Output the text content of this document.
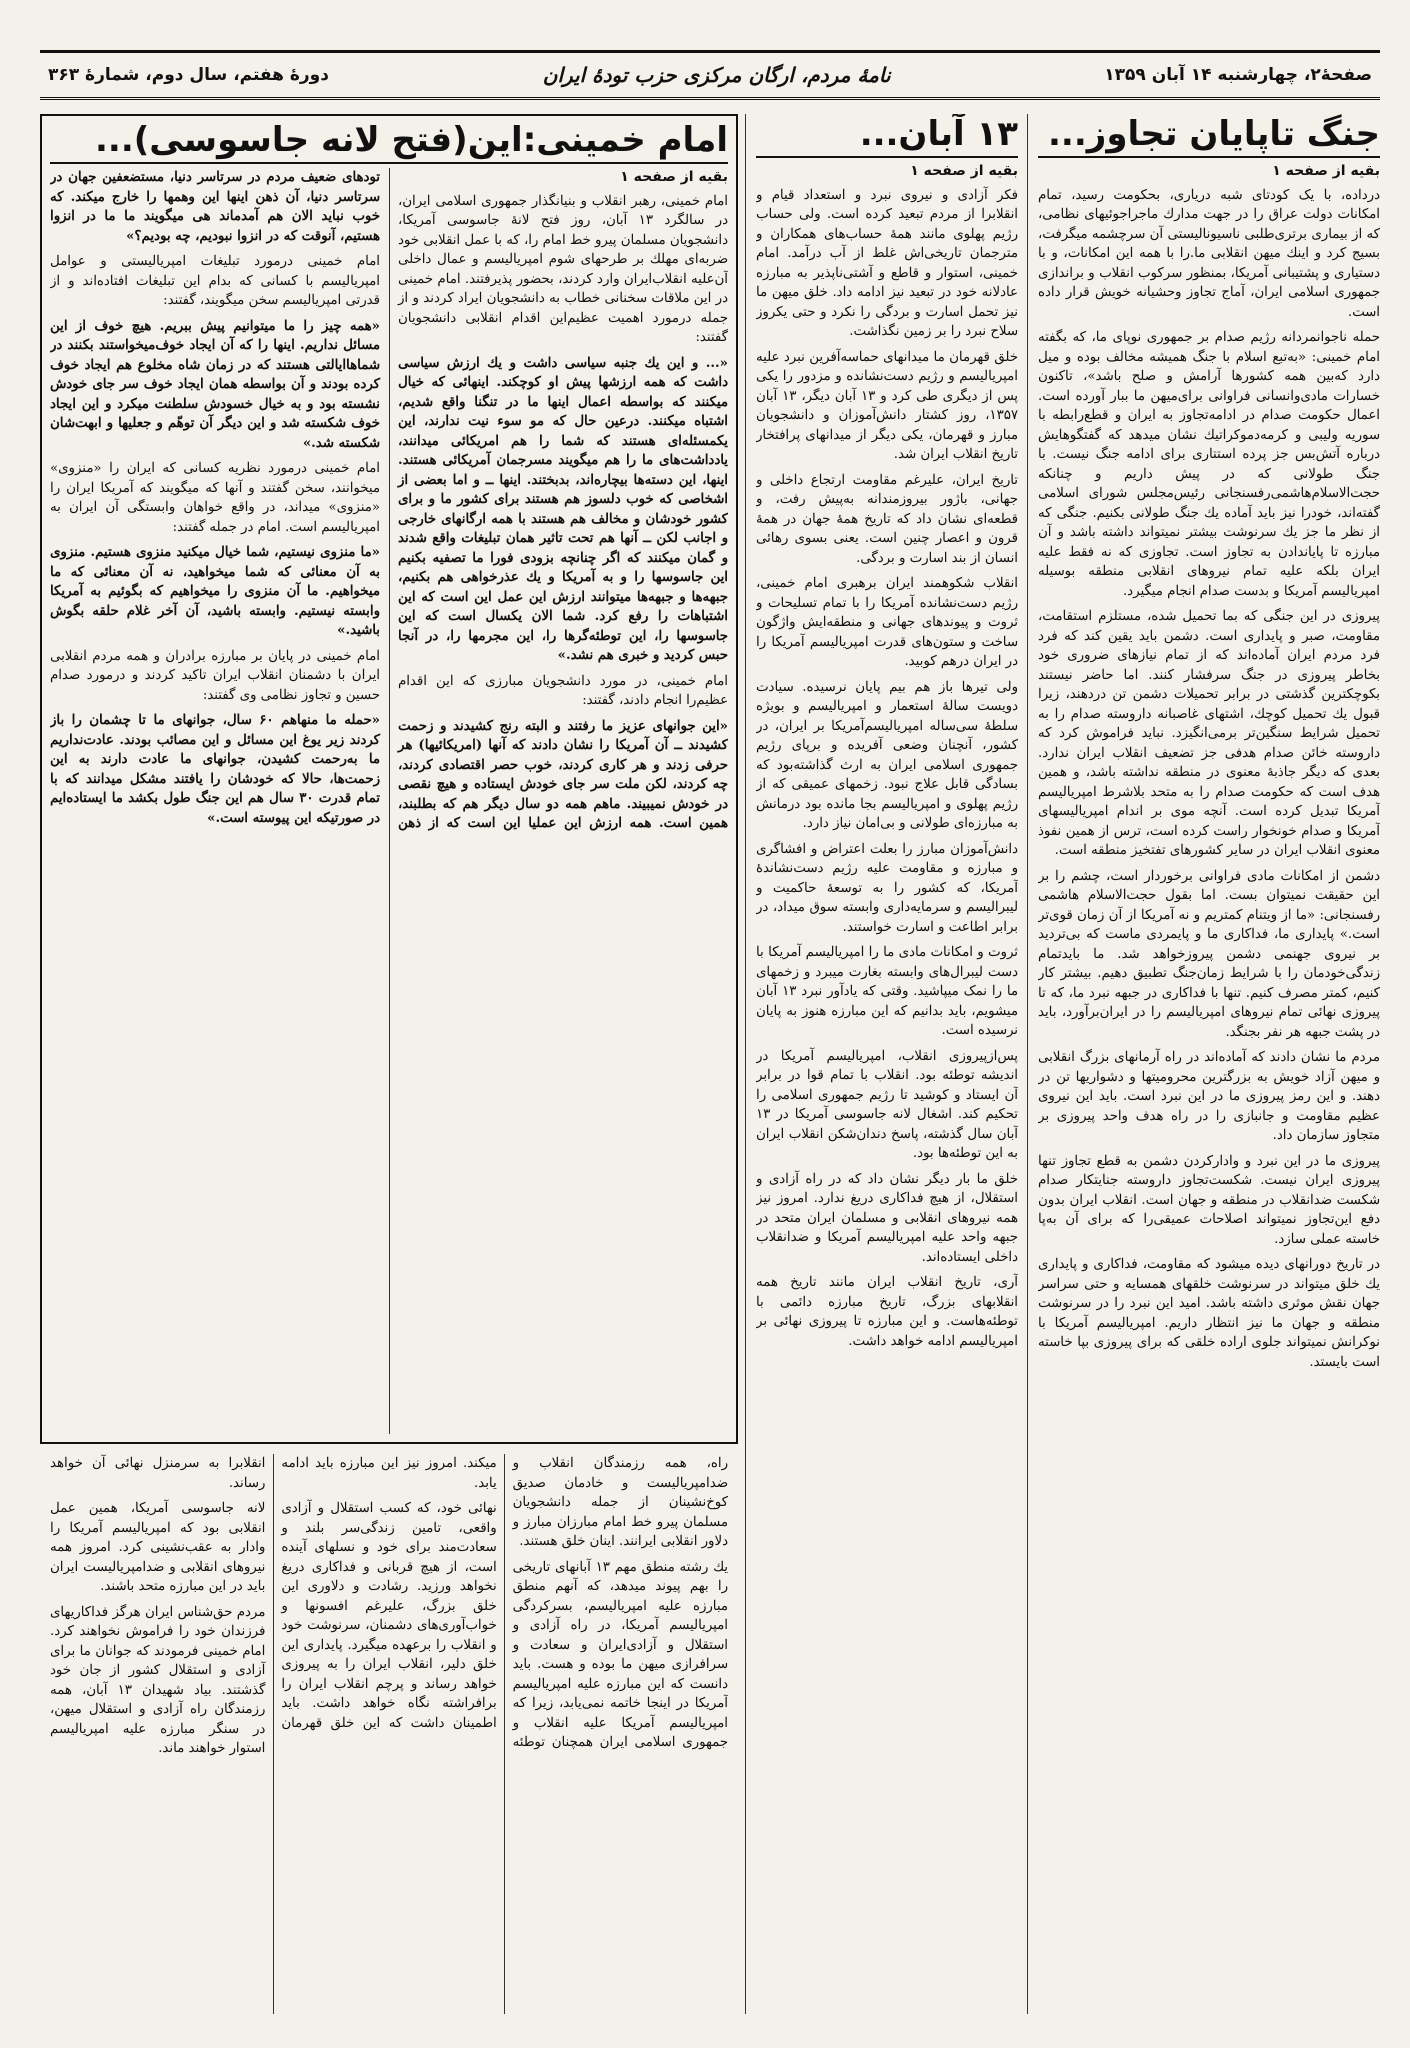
صفحهٔ۲، چهارشنبه ۱۴ آبان ۱۳۵۹
نامهٔ مردم، ارگان مرکزی حزب تودهٔ ایران
دورهٔ هفتم، سال دوم، شمارهٔ ۳۶۳
جنگ تاپایان تجاوز...
بقیه از صفحه ۱

درداده، با یک کودتای شبه دریاری، بحکومت رسید، تمام امکانات دولت عراق را در جهت مدارك ماجراجوئیهای نظامی، که از بیماری برتری‌طلبی ناسیونالیستی آن سرچشمه میگرفت، بسیج کرد و اینك میهن انقلابی ما.را با همه این امکانات، و با دستیاری و پشتیبانی آمریکا، بمنظور سرکوب انقلاب و براندازی جمهوری اسلامی ایران، آماج تجاوز وحشیانه خویش قرار داده است.

حمله ناجوانمردانه رژیم صدام بر جمهوری نوپای ما، که بگفته امام خمینی: «به‌تبع اسلام با جنگ همیشه مخالف بوده و میل دارد که‌بین همه کشورها آرامش و صلح باشد»، تاکنون خسارات مادی‌وانسانی فراوانی برای‌میهن ما ببار آورده است. اعمال حکومت صدام در ادامه‌تجاوز به ایران و قطع‌رابطه با سوریه ولیبی و کرمه‌دموکراتیك نشان میدهد که گفتگوهایش درباره آتش‌بس جز پرده استتاری برای ادامه جنگ نیست. با جنگ طولانی که در پیش داریم و چنانکه حجت‌الاسلام‌هاشمی‌رفسنجانی رئیس‌مجلس شورای اسلامی گفته‌اند، خودرا نیز باید آماده یك جنگ طولانی بکنیم. جنگی که از نظر ما جز یك سرنوشت بیشتر نمیتواند داشته باشد و آن مبارزه تا پایاندادن به تجاوز است. تجاوزی که نه فقط علیه ایران بلکه علیه تمام نیروهای انقلابی منطقه بوسیله امپریالیسم آمریکا و بدست صدام انجام میگیرد.

پیروزی در این جنگی که بما تحمیل شده، مستلزم استقامت، مقاومت، صبر و پایداری است. دشمن باید یقین کند که فرد فرد مردم ایران آماده‌اند که از تمام نیازهای ضروری خود بخاطر پیروزی در جنگ سرفشار کنند. اما حاضر نیستند بکوچکترین گذشتی در برابر تحمیلات دشمن تن دردهند، زیرا قبول یك تحمیل کوچك، اشتهای غاصبانه داروسته صدام را به تحمیل شرایط سنگین‌تر برمی‌انگیزد. نباید فراموش کرد که داروسته خائن صدام هدفی جز تضعیف انقلاب ایران ندارد. بعدی که دیگر جاذبهٔ معنوی در منطقه نداشته باشد، و همین هدف است که حکومت صدام را به متحد بلاشرط امپریالیسم آمریکا تبدیل کرده است. آنچه موی بر اندام امپریالیسهای آمریکا و صدام خونخوار راست کرده است، ترس از همین نفوذ معنوی انقلاب ایران در سایر کشورهای تفتخیز منطقه است.

دشمن از امکانات مادی فراوانی برخوردار است، چشم را بر این حقیقت نمیتوان بست. اما بقول حجت‌الاسلام هاشمی رفسنجانی: «ما از ویتنام کمتریم و نه آمریکا از آن زمان قوی‌تر است.» پایداری ما، فداکاری ما و پایمردی ماست که بی‌تردید بر نیروی جهنمی دشمن پیروزخواهد شد. ما بایدتمام زندگی‌خودمان را با شرایط زمان‌جنگ تطبیق دهیم. بیشتر کار کنیم، کمتر مصرف کنیم. تنها با فداکاری در جبهه نبرد ما، که تا پیروزی نهائی تمام نیروهای امپریالیسم را در ایران‌برآورد، باید در پشت جبهه هر نفر بجنگد.

مردم ما نشان دادند که آماده‌اند در راه آرمانهای بزرگ انقلابی و میهن آزاد خویش به بزرگترین محرومیتها و دشواریها تن در دهند. و این رمز پیروزی ما در این نبرد است. باید این نیروی عظیم مقاومت و جانبازی را در راه هدف واحد پیروزی بر متجاوز سازمان داد.

پیروزی ما در این نبرد و وادارکردن دشمن به قطع تجاوز تنها پیروزی ایران نیست. شکست‌تجاوز داروسته جنایتکار صدام شکست ضدانقلاب در منطقه و جهان است. انقلاب ایران بدون دفع این‌تجاوز نمیتواند اصلاحات عمیقی‌را که برای آن به‌پا خاسته عملی سازد.

در تاریخ دورانهای دیده میشود که مقاومت، فداکاری و پایداری یك خلق میتواند در سرنوشت خلقهای همسایه و حتی سراسر جهان نقش موثری داشته باشد. امید این نبرد را در سرنوشت منطقه و جهان ما نیز انتظار داریم. امپریالیسم آمریکا با نوکرانش نمیتواند جلوی اراده خلقی که برای پیروزی بپا خاسته است بایستد.

۱۳ آبان...
بقیه از صفحه ۱

فکر آزادی و نیروی نبرد و استعداد قیام و انقلابرا از مردم تبعید کرده است. ولی حساب رژیم پهلوی مانند همهٔ حساب‌های همکاران و مترجمان تاریخی‌اش غلط از آب درآمد. امام خمینی، استوار و قاطع و آشتی‌ناپذیر به مبارزه عادلانه خود در تبعید نیز ادامه داد. خلق میهن ما نیز تحمل اسارت و بردگی را نکرد و حتی یکروز سلاح نبرد را بر زمین نگذاشت.

خلق قهرمان ما میدانهای حماسه‌آفرین نبرد علیه امپریالیسم و رژیم دست‌نشانده و مزدور را یکی پس از دیگری طی کرد و ۱۳ آبان دیگر، ۱۳ آبان ۱۳۵۷، روز کشتار دانش‌آموزان و دانشجویان مبارز و قهرمان، یکی دیگر از میدانهای پرافتخار تاریخ انقلاب ایران شد.

تاریخ ایران، علیرغم مقاومت ارتجاع داخلی و جهانی، باژور بیروزمندانه به‌پیش رفت، و قطعه‌ای نشان داد که تاریخ همهٔ جهان در همهٔ قرون و اعصار چنین است. یعنی بسوی رهائی انسان از بند اسارت و بردگی.

انقلاب شکوهمند ایران برهبری امام خمینی، رژیم دست‌نشانده آمریکا را با تمام تسلیحات و ثروت و پیوندهای جهانی و منطقه‌ایش واژگون ساخت و ستون‌های قدرت امپریالیسم آمریکا را در ایران درهم کوبید.

ولی تیرها باز هم بیم پایان نرسیده. سیادت دویست سالهٔ استعمار و امپریالیسم و بویژه سلطه‌ٔ سی‌ساله امپریالیسم‌آمریکا بر ایران، در کشور، آنچنان وضعی آفریده و برپای رژیم جمهوری اسلامی ایران به ارث گذاشته‌بود که بسادگی قابل علاج نبود. زخمهای عمیقی که از رژیم پهلوی و امپریالیسم بجا مانده بود درمانش به مبارزه‌ای طولانی و بی‌امان نیاز دارد.

دانش‌آموزان مبارز را بعلت اعتراض و افشاگری و مبارزه و مقاومت علیه رژیم دست‌نشاندهٔ آمریکا، که کشور را به توسعهٔ حاکمیت و لیبرالیسم و سرمایه‌داری وابسته سوق میداد، در برابر اطاعت و اسارت خواستند.

ثروت و امکانات مادی ما را امپریالیسم آمریکا با دست لیبرال‌های وابسته بغارت میبرد و زخمهای ما را نمک میپاشید. وقتی که یادآور نبرد ۱۳ آبان میشویم، باید بدانیم که این مبارزه هنوز به پایان نرسیده است.

پس‌ازپیروزی انقلاب، امپریالیسم آمریکا در اندیشه توطئه بود. انقلاب با تمام قوا در برابر آن ایستاد و کوشید تا رژیم جمهوری اسلامی را تحکیم کند. اشغال لانه جاسوسی آمریکا در ۱۳ آبان سال گذشته، پاسخ دندان‌شکن انقلاب ایران به این توطئه‌ها بود.

خلق ما بار دیگر نشان داد که در راه آزادی و استقلال، از هیچ فداکاری دریغ ندارد. امروز نیز همه نیروهای انقلابی و مسلمان ایران متحد در جبهه واحد علیه امپریالیسم آمریکا و ضدانقلاب داخلی ایستاده‌اند.

آری، تاریخ انقلاب ایران مانند تاریخ همه انقلابهای بزرگ، تاریخ مبارزه دائمی با توطئه‌هاست. و این مبارزه تا پیروزی نهائی بر امپریالیسم ادامه خواهد داشت.

امام خمینی:این(فتح لانه جاسوسی)...
بقیه از صفحه ۱

امام خمینی، رهبر انقلاب و بنیانگذار جمهوری اسلامی ایران، در سالگرد ۱۳ آبان، روز فتح لانهٔ جاسوسی آمریکا، دانشجویان مسلمان پیرو خط امام را، که با عمل انقلابی خود ضربه‌ای مهلك بر طرحهای شوم امپریالیسم و عمال داخلی آن‌علیه انقلاب‌ایران وارد کردند، بحضور پذیرفتند. امام خمینی در این ملاقات سخنانی خطاب به دانشجویان ایراد کردند و از جمله درمورد اهمیت عظیم‌این اقدام انقلابی دانشجویان گفتند:

«... و این یك جنبه سیاسی داشت و یك ارزش سیاسی داشت که همه ارزشها پیش او کوچکند. اینهائی که خیال میکنند که بواسطه اعمال اینها ما در تنگنا واقع شدیم، اشتباه میکنند. درعین حال که مو سوء نیت ندارند، این یکمسئله‌ای هستند که شما را هم امریکائی میدانند، یادداشت‌های ما را هم میگویند مسرجمان آمریکائی هستند. اینها، این دسته‌ها بیچاره‌اند، بدبختند. اینها ــ و اما بعضی از اشخاصی که خوب دلسوز هم هستند برای کشور ما و برای کشور خودشان و مخالف هم هستند با همه ارگانهای خارجی و اجانب لکن ــ آنها هم تحت تاثیر همان تبلیغات واقع شدند و گمان میکنند که اگر چنانچه بزودی فورا ما تصفیه بکنیم این جاسوسها را و به آمریکا و یك عذرخواهی هم بکنیم، جبهه‌ها و جبهه‌ها میتوانند ارزش این عمل این است که این اشتباهات را رفع کرد. شما الان یکسال است که این جاسوسها را، این توطئه‌گرها را، این مجرمها را، در آنجا حبس کردید و خبری هم نشد.»

امام خمینی، در مورد دانشجویان مبارزی که این اقدام عظیم‌را انجام دادند، گفتند:

«این جوانهای عزیز ما رفتند و البته رنج کشیدند و زحمت کشیدند ــ آن آمریکا را نشان دادند که آنها (امریکائیها) هر حرفی زدند و هر کاری کردند، خوب حصر اقتصادی کردند، چه کردند، لکن ملت سر جای خودش ایستاده و هیچ نقصی در خودش نمیبیند. ماهم همه دو سال دیگر هم که بطلبند، همین است. همه ارزش این عملیا این است که از ذهن تودهای ضعیف مردم در سرتاسر دنیا، مستضعفین جهان در سرتاسر دنیا، آن ذهن اینها این وهمها را خارج میکند. که خوب نباید الان هم آمدماند هی میگویند ما ما در انزوا هستیم، آنوقت که در انزوا نبودیم، چه بودیم؟»

امام خمینی درمورد تبلیغات امپریالیستی و عوامل امپریالیسم با کسانی که بدام این تبلیغات افتاده‌اند و از قدرتی امپریالیسم سخن میگویند، گفتند:

«همه چیز را ما میتوانیم پیش ببریم. هیچ خوف از این مسائل نداریم. اینها را که آن ایجاد خوف‌میخواستند بکنند در شماها‌ایالتی هستند که در زمان شاه مخلوع هم ایجاد خوف کرده بودند و آن بواسطه همان ایجاد خوف سر جای خودش نشسته بود و به خیال خسودش سلطنت میکرد و این ایجاد خوف شکسته شد و این دیگر آن توهّم و جعلیها و ابهت‌شان شکسته شد.»

امام خمینی درمورد نظریه کسانی که ایران را «منزوی» میخوانند، سخن گفتند و آنها که میگویند که آمریکا ایران را «منزوی» میداند، در واقع خواهان وابستگی آن ایران به امپریالیسم است. امام در جمله گفتند:

«ما منزوی نیستیم، شما خیال میکنید منزوی هستیم. منزوی به آن معنائی که شما میخواهید، نه آن معنائی که ما میخواهیم. ما آن منزوی را میخواهیم که بگوئیم به آمریکا وابسته نیستیم. وابسته‌ باشید، آن آخر غلام حلقه بگوش باشید.»

امام خمینی در پایان بر مبارزه برادران و همه مردم انقلابی ایران با دشمنان انقلاب ایران تاکید کردند و درمورد صدام حسین و تجاوز نظامی وی گفتند:

«حمله ما منهاهم ۶۰ سال، جوانهای ما تا چشمان را باز کردند زیر یوغ این مسائل و این مصائب بودند. عادت‌نداریم ما به‌رحمت کشیدن، جوانهای ما عادت دارند به این زحمت‌ها، حالا که خودشان را یافتند مشکل میدانند که با تمام قدرت ۳۰ سال هم این جنگ طول بکشد ما ایستاده‌ایم در صورتیکه این پیوسته است.»

راه، همه رزمندگان انقلاب و ضدامپریالیست و خادمان صدیق کوخ‌نشینان از جمله دانشجویان مسلمان پیرو خط امام مبارزان مبارز و دلاور انقلابی ایرانند. اینان خلق هستند.

یك رشته منطق مهم ۱۳ آبانهای تاریخی را بهم پیوند میدهد، که آنهم منطق مبارزه علیه امپریالیسم، بسرکردگی امپریالیسم آمریکا، در راه آزادی و استقلال و آزادی‌ایران و سعادت و سرافرازی میهن ما بوده و هست. باید دانست که این مبارزه علیه امپریالیسم آمریکا در اینجا خاتمه نمی‌یابد، زیرا که امپریالیسم آمریکا علیه‌ انقلاب و جمهوری اسلامی ایران همچنان توطئه میکند. امروز نیز این مبارزه باید ادامه یابد.

نهائی خود، که کسب استقلال و آزادی واقعی، تامین زندگی‌سر بلند و سعادت‌مند برای خود و نسلهای آینده است، از هیچ قربانی و فداکاری دریغ نخواهد ورزید. رشادت و دلاوری این خلق بزرگ، علیرغم افسونها و خواب‌آوری‌های دشمنان، سرنوشت خود و انقلاب را برعهده میگیرد. پایداری این خلق دلیر، انقلاب ایران را به پیروزی خواهد رساند و پرچم انقلاب ایران را برافراشته نگاه خواهد داشت. باید اطمینان داشت که این خلق قهرمان انقلابرا به سرمنزل نهائی آن خواهد رساند.

لانه جاسوسی آمریکا، همین عمل انقلابی بود که امپریالیسم آمریکا را وادار به عقب‌نشینی کرد. امروز همه نیروهای انقلابی و ضدامپریالیست ایران باید در این مبارزه متحد باشند.

مردم حق‌شناس ایران هرگز فداکاریهای فرزندان خود را فراموش نخواهند کرد. امام خمینی فرمودند که جوانان ما برای آزادی و استقلال کشور از جان خود گذشتند. بیاد شهیدان ۱۳ آبان، همه رزمندگان راه آزادی و استقلال میهن، در سنگر مبارزه علیه امپریالیسم استوار خواهند ماند.
